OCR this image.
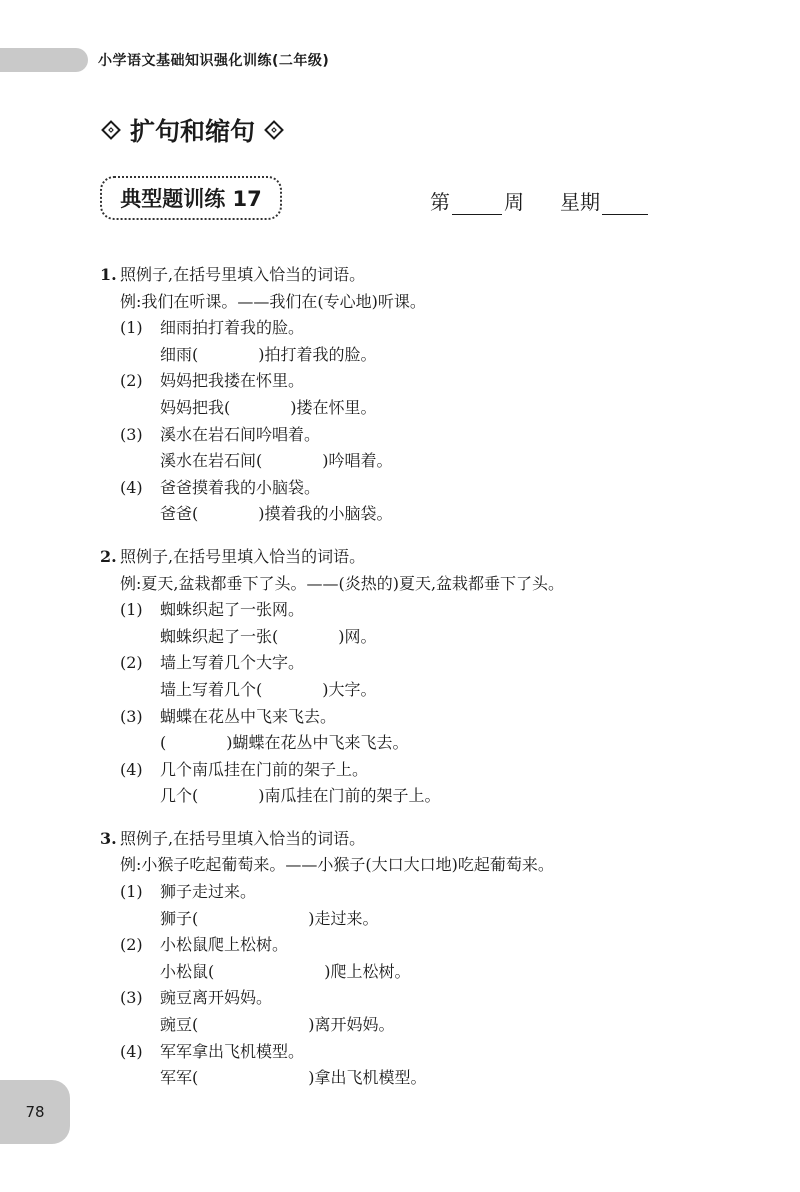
小学语文基础知识强化训练(二年级)
扩句和缩句
典型题训练 17	第	周 星期
1. 照例子,在括号里填入恰当的词语。
例:我们在听课。——我们在(专心地)听课。
(1) 细雨拍打着我的脸。
细雨(	)拍打着我的脸。
(2) 妈妈把我搂在怀里。
妈妈把我(	)搂在怀里。
(3) 溪水在岩石间吟唱着。
溪水在岩石间(	)吟唱着。
(4) 爸爸摸着我的小脑袋。
爸爸(	)摸着我的小脑袋。
2. 照例子,在括号里填入恰当的词语。
例:夏天,盆栽都垂下了头。——(炎热的)夏天,盆栽都垂下了头。
(1) 蜘蛛织起了一张网。
蜘蛛织起了一张(	)网。
(2) 墙上写着几个大字。
墙上写着几个(	)大字。
(3) 蝴蝶在花丛中飞来飞去。
(	)蝴蝶在花丛中飞来飞去。
(4) 几个南瓜挂在门前的架子上。
几个(	)南瓜挂在门前的架子上。
3. 照例子,在括号里填入恰当的词语。
例:小猴子吃起葡萄来。——小猴子(大口大口地)吃起葡萄来。
(1) 狮子走过来。
狮子(	)走过来。
(2) 小松鼠爬上松树。
小松鼠(	)爬上松树。
(3) 豌豆离开妈妈。
豌豆(	)离开妈妈。
(4) 军军拿出飞机模型。
军军(	)拿出飞机模型。
78
